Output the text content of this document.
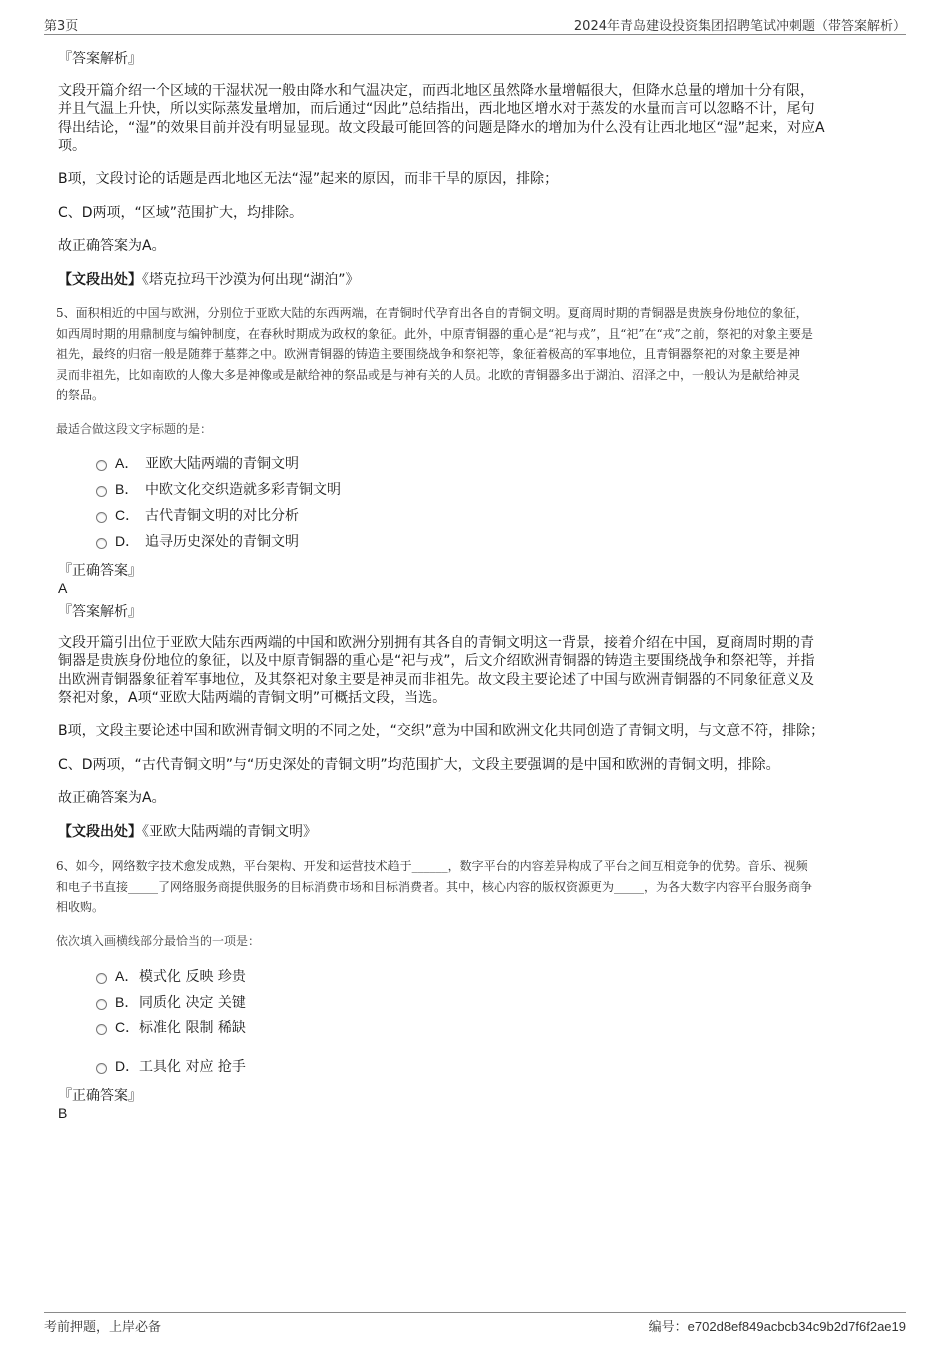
第3页	2024年青岛建设投资集团招聘笔试冲刺题（带答案解析）
『答案解析』
文段开篇介绍一个区域的干湿状况一般由降水和气温决定，而西北地区虽然降水量增幅很大，但降水总量的增加十分有限，
并且气温上升快，所以实际蒸发量增加，而后通过“因此”总结指出，西北地区增水对于蒸发的水量而言可以忽略不计，尾句
得出结论，“湿”的效果目前并没有明显显现。故文段最可能回答的问题是降水的增加为什么没有让西北地区“湿”起来，对应A
项。
B项，文段讨论的话题是西北地区无法“湿”起来的原因，而非干旱的原因，排除；
C、D两项，“区域”范围扩大，均排除。
故正确答案为A。
【文段出处】《塔克拉玛干沙漠为何出现“湖泊”》
5、面积相近的中国与欧洲，分别位于亚欧大陆的东西两端，在青铜时代孕育出各自的青铜文明。夏商周时期的青铜器是贵族身份地位的象征，
如西周时期的用鼎制度与编钟制度，在春秋时期成为政权的象征。此外，中原青铜器的重心是“祀与戎”，且“祀”在“戎”之前，祭祀的对象主要是
祖先，最终的归宿一般是随葬于墓葬之中。欧洲青铜器的铸造主要围绕战争和祭祀等，象征着极高的军事地位，且青铜器祭祀的对象主要是神
灵而非祖先，比如南欧的人像大多是神像或是献给神的祭品或是与神有关的人员。北欧的青铜器多出于湖泊、沼泽之中，一般认为是献给神灵
的祭品。
最适合做这段文字标题的是：
A． 亚欧大陆两端的青铜文明
B． 中欧文化交织造就多彩青铜文明
C． 古代青铜文明的对比分析
D． 追寻历史深处的青铜文明
『正确答案』
A
『答案解析』
文段开篇引出位于亚欧大陆东西两端的中国和欧洲分别拥有其各自的青铜文明这一背景，接着介绍在中国，夏商周时期的青
铜器是贵族身份地位的象征，以及中原青铜器的重心是“祀与戎”，后文介绍欧洲青铜器的铸造主要围绕战争和祭祀等，并指
出欧洲青铜器象征着军事地位，及其祭祀对象主要是神灵而非祖先。故文段主要论述了中国与欧洲青铜器的不同象征意义及
祭祀对象，A项“亚欧大陆两端的青铜文明”可概括文段，当选。
B项，文段主要论述中国和欧洲青铜文明的不同之处，“交织”意为中国和欧洲文化共同创造了青铜文明，与文意不符，排除；
C、D两项，“古代青铜文明”与“历史深处的青铜文明”均范围扩大，文段主要强调的是中国和欧洲的青铜文明，排除。
故正确答案为A。
【文段出处】《亚欧大陆两端的青铜文明》
6、如今，网络数字技术愈发成熟，平台架构、开发和运营技术趋于______，数字平台的内容差异构成了平台之间互相竞争的优势。音乐、视频
和电子书直接_____了网络服务商提供服务的目标消费市场和目标消费者。其中，核心内容的版权资源更为_____，为各大数字内容平台服务商争
相收购。
依次填入画横线部分最恰当的一项是：
A． 模式化 反映 珍贵
B． 同质化 决定 关键
C． 标准化 限制 稀缺
D． 工具化 对应 抢手
『正确答案』
B
考前押题，上岸必备	编号：e702d8ef849acbcb34c9b2d7f6f2ae19
